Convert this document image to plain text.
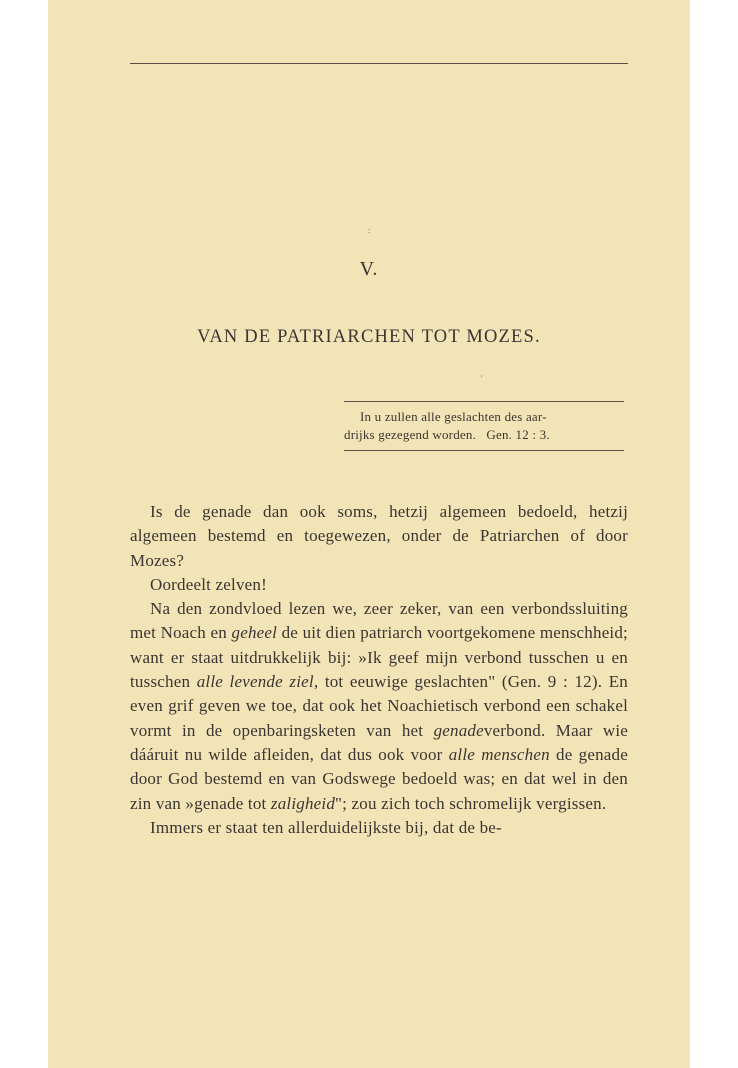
:
'
V.
VAN DE PATRIARCHEN TOT MOZES.
In u zullen alle geslachten des aar-
drijks gezegend worden. Gen. 12 : 3.

Is de genade dan ook soms, hetzij algemeen bedoeld, hetzij algemeen bestemd en toegewezen, onder de Patriarchen of door Mozes?

Oordeelt zelven!

Na den zondvloed lezen we, zeer zeker, van een verbondssluiting met Noach en geheel de uit dien patriarch voortgekomene menschheid; want er staat uitdrukkelijk bij: »Ik geef mijn verbond tusschen u en tusschen alle levende ziel, tot eeuwige geslachten" (Gen. 9 : 12). En even grif geven we toe, dat ook het Noachietisch verbond een schakel vormt in de openbaringsketen van het genadeverbond. Maar wie dááruit nu wilde afleiden, dat dus ook voor alle menschen de genade door God bestemd en van Godswege bedoeld was; en dat wel in den zin van »genade tot zaligheid"; zou zich toch schromelijk vergissen.

Immers er staat ten allerduidelijkste bij, dat de be-
